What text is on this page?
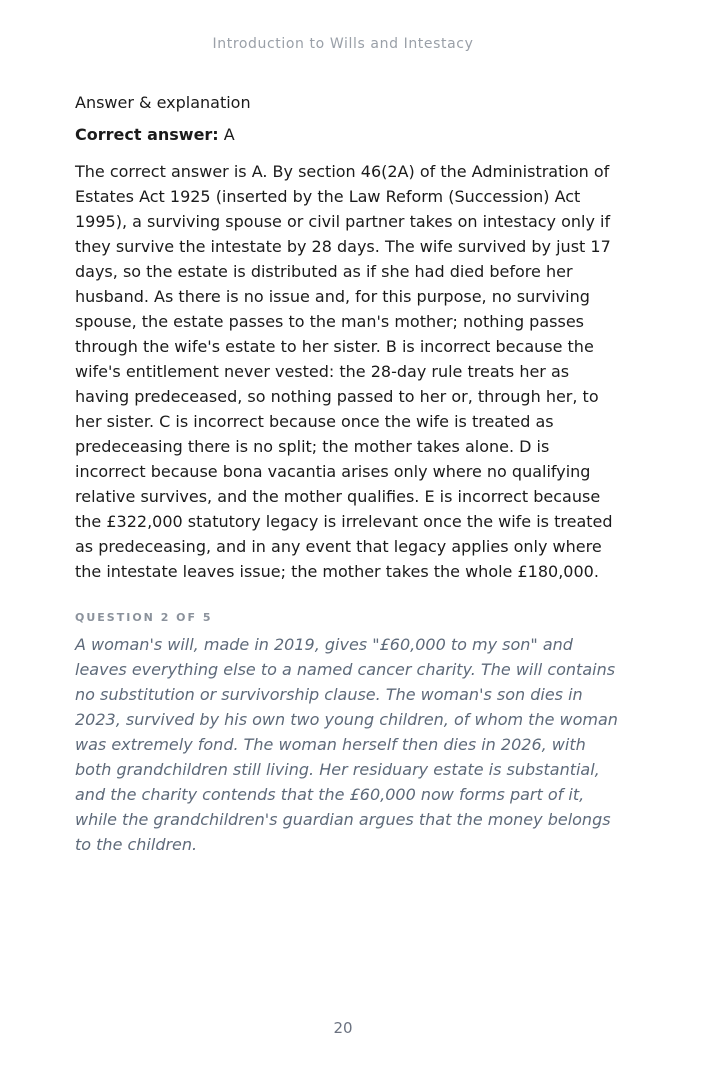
Introduction to Wills and Intestacy
Answer & explanation
Correct answer: A

The correct answer is A. By section 46(2A) of the Administration of Estates Act 1925 (inserted by the Law Reform (Succession) Act 1995), a surviving spouse or civil partner takes on intestacy only if they survive the intestate by 28 days. The wife survived by just 17 days, so the estate is distributed as if she had died before her husband. As there is no issue and, for this purpose, no surviving spouse, the estate passes to the man's mother; nothing passes through the wife's estate to her sister. B is incorrect because the wife's entitlement never vested: the 28-day rule treats her as having predeceased, so nothing passed to her or, through her, to her sister. C is incorrect because once the wife is treated as predeceasing there is no split; the mother takes alone. D is incorrect because bona vacantia arises only where no qualifying relative survives, and the mother qualifies. E is incorrect because the £322,000 statutory legacy is irrelevant once the wife is treated as predeceasing, and in any event that legacy applies only where the intestate leaves issue; the mother takes the whole £180,000.

QUESTION 2 OF 5

A woman's will, made in 2019, gives "£60,000 to my son" and leaves everything else to a named cancer charity. The will contains no substitution or survivorship clause. The woman's son dies in 2023, survived by his own two young children, of whom the woman was extremely fond. The woman herself then dies in 2026, with both grandchildren still living. Her residuary estate is substantial, and the charity contends that the £60,000 now forms part of it, while the grandchildren's guardian argues that the money belongs to the children.

20
